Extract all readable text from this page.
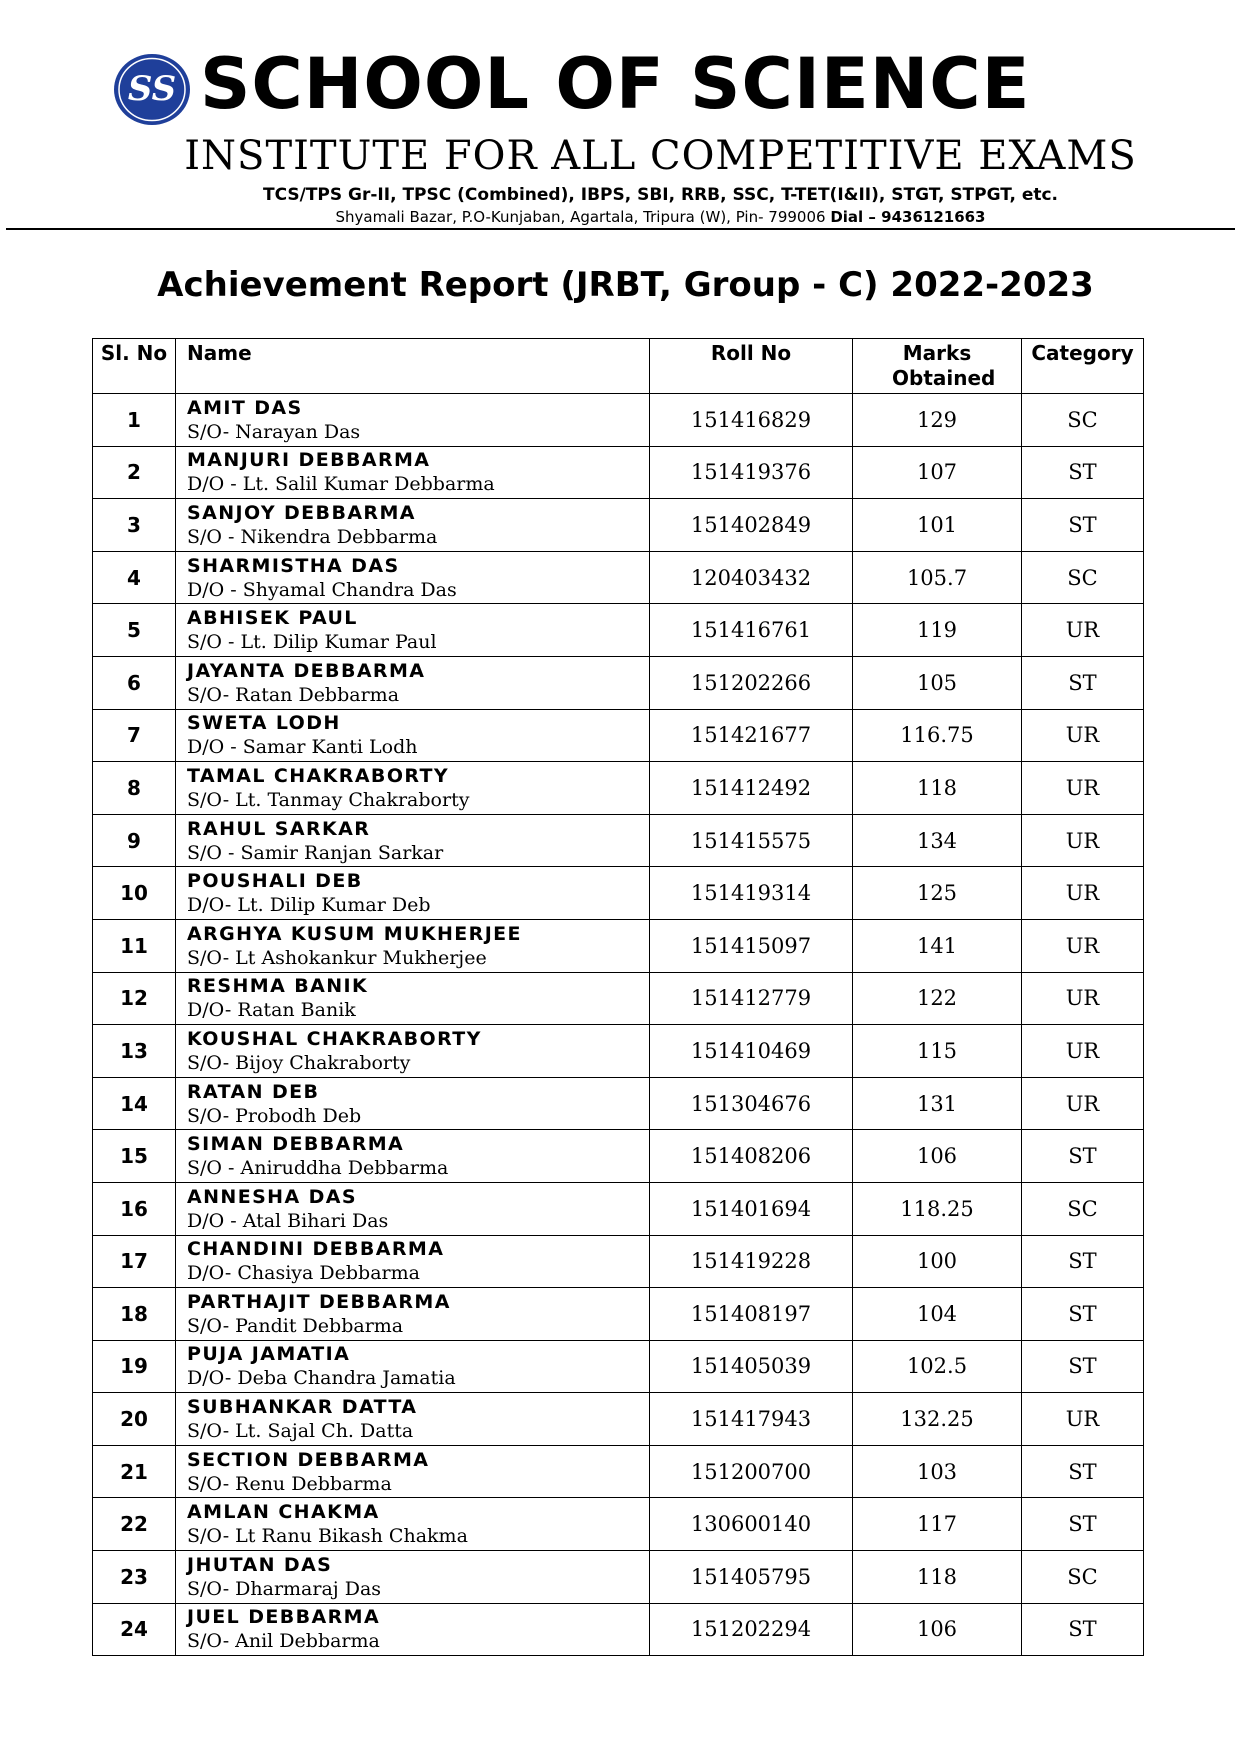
SS SCHOOL OF SCIENCE
INSTITUTE FOR ALL COMPETITIVE EXAMS
TCS/TPS Gr-II, TPSC (Combined), IBPS, SBI, RRB, SSC, T-TET(I&II), STGT, STPGT, etc.
Shyamali Bazar, P.O-Kunjaban, Agartala, Tripura (W), Pin- 799006 Dial – 9436121663
Achievement Report (JRBT, Group - C) 2022-2023
Sl. No	Name	Roll No	Marks Obtained	Category
1	AMIT DAS
S/O- Narayan Das	151416829	129	SC
2	MANJURI DEBBARMA
D/O - Lt. Salil Kumar Debbarma	151419376	107	ST
3	SANJOY DEBBARMA
S/O - Nikendra Debbarma	151402849	101	ST
4	SHARMISTHA DAS
D/O - Shyamal Chandra Das	120403432	105.7	SC
5	ABHISEK PAUL
S/O - Lt. Dilip Kumar Paul	151416761	119	UR
6	JAYANTA DEBBARMA
S/O- Ratan Debbarma	151202266	105	ST
7	SWETA LODH
D/O - Samar Kanti Lodh	151421677	116.75	UR
8	TAMAL CHAKRABORTY
S/O- Lt. Tanmay Chakraborty	151412492	118	UR
9	RAHUL SARKAR
S/O - Samir Ranjan Sarkar	151415575	134	UR
10	POUSHALI DEB
D/O- Lt. Dilip Kumar Deb	151419314	125	UR
11	ARGHYA KUSUM MUKHERJEE
S/O- Lt Ashokankur Mukherjee	151415097	141	UR
12	RESHMA BANIK
D/O- Ratan Banik	151412779	122	UR
13	KOUSHAL CHAKRABORTY
S/O- Bijoy Chakraborty	151410469	115	UR
14	RATAN DEB
S/O- Probodh Deb	151304676	131	UR
15	SIMAN DEBBARMA
S/O - Aniruddha Debbarma	151408206	106	ST
16	ANNESHA DAS
D/O - Atal Bihari Das	151401694	118.25	SC
17	CHANDINI DEBBARMA
D/O- Chasiya Debbarma	151419228	100	ST
18	PARTHAJIT DEBBARMA
S/O- Pandit Debbarma	151408197	104	ST
19	PUJA JAMATIA
D/O- Deba Chandra Jamatia	151405039	102.5	ST
20	SUBHANKAR DATTA
S/O- Lt. Sajal Ch. Datta	151417943	132.25	UR
21	SECTION DEBBARMA
S/O- Renu Debbarma	151200700	103	ST
22	AMLAN CHAKMA
S/O- Lt Ranu Bikash Chakma	130600140	117	ST
23	JHUTAN DAS
S/O- Dharmaraj Das	151405795	118	SC
24	JUEL DEBBARMA
S/O- Anil Debbarma	151202294	106	ST
